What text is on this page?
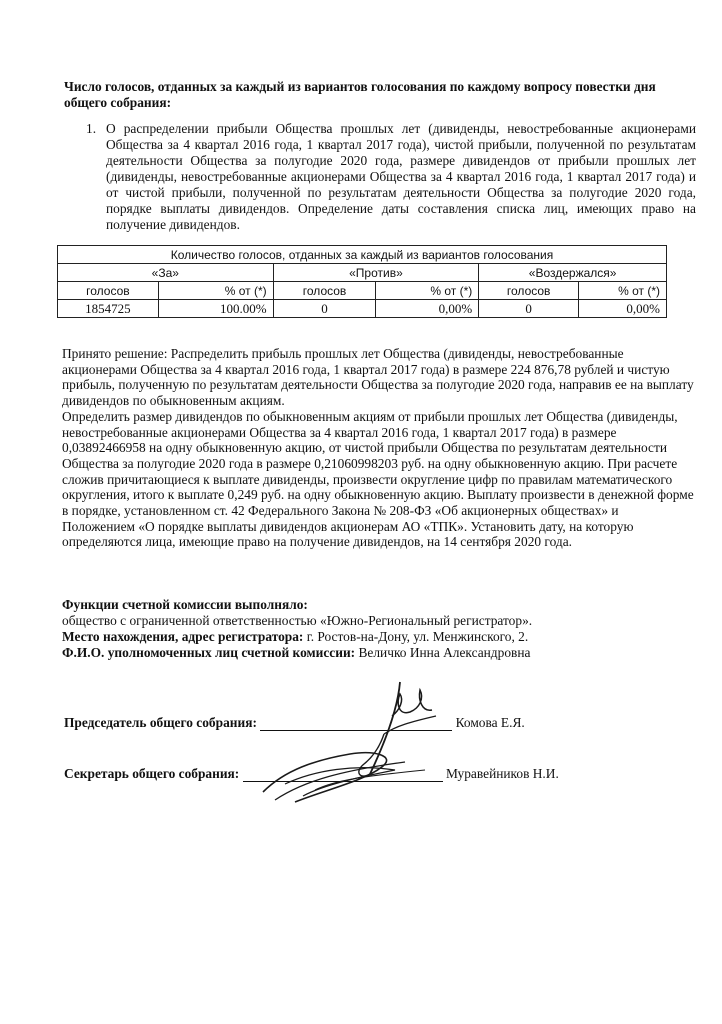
Число голосов, отданных за каждый из вариантов голосования по каждому вопросу повестки дня общего собрания:
1. О распределении прибыли Общества прошлых лет (дивиденды, невостребованные акционерами Общества за 4 квартал 2016 года, 1 квартал 2017 года), чистой прибыли, полученной по результатам деятельности Общества за полугодие 2020 года, размере дивидендов от прибыли прошлых лет (дивиденды, невостребованные акционерами Общества за 4 квартал 2016 года, 1 квартал 2017 года) и от чистой прибыли, полученной по результатам деятельности Общества за полугодие 2020 года, порядке выплаты дивидендов. Определение даты составления списка лиц, имеющих право на получение дивидендов.
Количество голосов, отданных за каждый из вариантов голосования					
«За»		«Против»		«Воздержался»	
голосов	% от (*)	голосов	% от (*)	голосов	% от (*)
1854725	100.00%	0	0,00%	0	0,00%
Принято решение: Распределить прибыль прошлых лет Общества (дивиденды, невостребованные акционерами Общества за 4 квартал 2016 года, 1 квартал 2017 года) в размере 224 876,78 рублей и чистую прибыль, полученную по результатам деятельности Общества за полугодие 2020 года, направив ее на выплату дивидендов по обыкновенным акциям.
Определить размер дивидендов по обыкновенным акциям от прибыли прошлых лет Общества (дивиденды, невостребованные акционерами Общества за 4 квартал 2016 года, 1 квартал 2017 года) в размере 0,03892466958 на одну обыкновенную акцию, от чистой прибыли Общества по результатам деятельности Общества за полугодие 2020 года в размере 0,21060998203 руб. на одну обыкновенную акцию. При расчете сложив причитающиеся к выплате дивиденды, произвести округление цифр по правилам математического округления, итого к выплате 0,249 руб. на одну обыкновенную акцию. Выплату произвести в денежной форме в порядке, установленном ст. 42 Федерального Закона № 208-ФЗ «Об акционерных обществах» и Положением «О порядке выплаты дивидендов акционерам АО «ТПК». Установить дату, на которую определяются лица, имеющие право на получение дивидендов, на 14 сентября 2020 года.
Функции счетной комиссии выполняло:
общество с ограниченной ответственностью «Южно-Региональный регистратор».
Место нахождения, адрес регистратора: г. Ростов-на-Дону, ул. Менжинского, 2.
Ф.И.О. уполномоченных лиц счетной комиссии: Величко Инна Александровна
Председатель общего собрания:	Комова Е.Я.
Секретарь общего собрания:	Муравейников Н.И.
